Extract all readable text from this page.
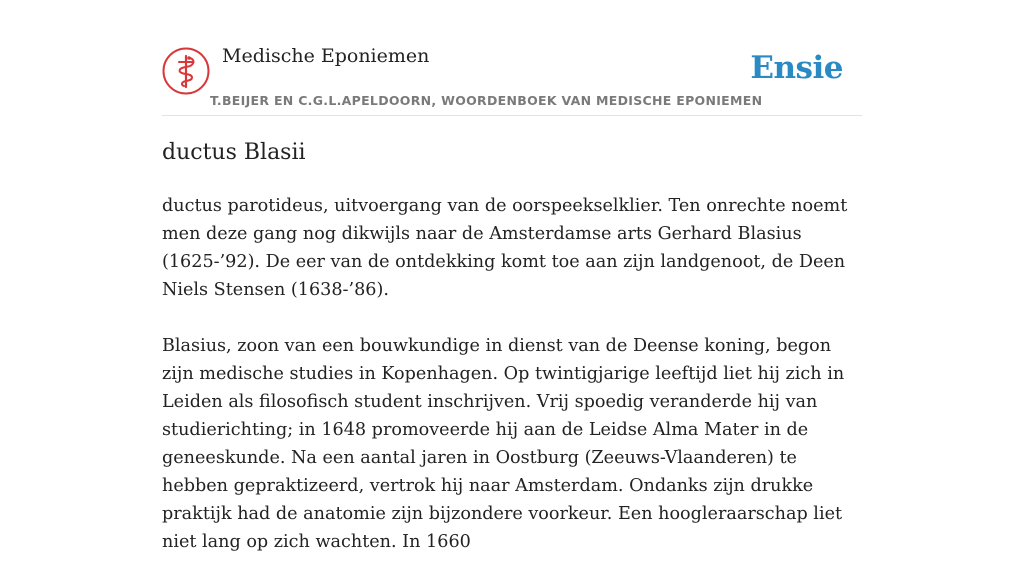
Medische Eponiemen	Ensie
T.BEIJER EN C.G.L.APELDOORN, WOORDENBOEK VAN MEDISCHE EPONIEMEN
ductus Blasii

ductus parotideus, uitvoergang van de oorspeekselklier. Ten onrechte noemt men deze gang nog dikwijls naar de Amsterdamse arts Gerhard Blasius (1625-’92). De eer van de ontdekking komt toe aan zijn landgenoot, de Deen Niels Stensen (1638-’86).

Blasius, zoon van een bouwkundige in dienst van de Deense koning, begon zijn medische studies in Kopenhagen. Op twintigjarige leeftijd liet hij zich in Leiden als filosofisch student inschrijven. Vrij spoedig veranderde hij van studierichting; in 1648 promoveerde hij aan de Leidse Alma Mater in de geneeskunde. Na een aantal jaren in Oostburg (Zeeuws-Vlaanderen) te hebben gepraktizeerd, vertrok hij naar Amsterdam. Ondanks zijn drukke praktijk had de anatomie zijn bijzondere voorkeur. Een hoogleraarschap liet niet lang op zich wachten. In 1660
